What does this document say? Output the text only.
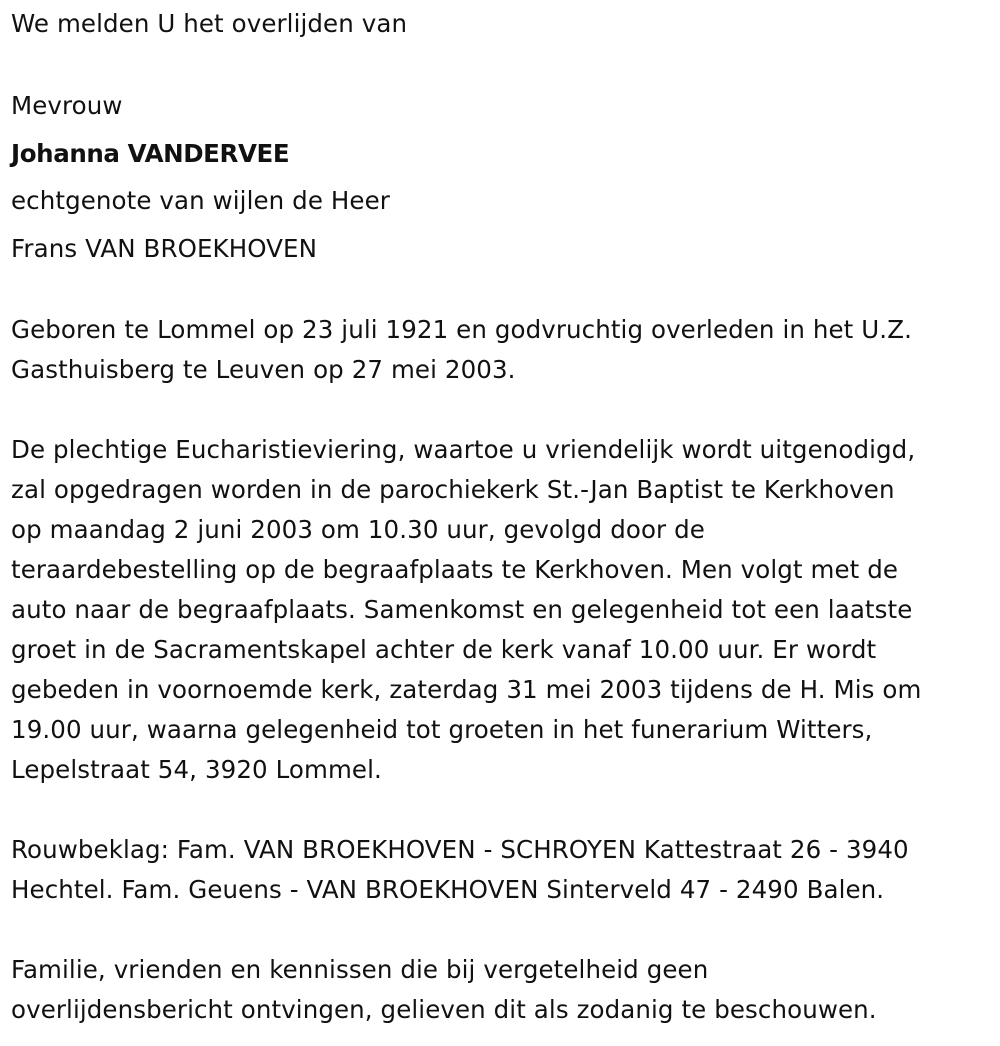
We melden U het overlijden van
Mevrouw
Johanna VANDERVEE
echtgenote van wijlen de Heer
Frans VAN BROEKHOVEN
Geboren te Lommel op 23 juli 1921 en godvruchtig overleden in het U.Z.
Gasthuisberg te Leuven op 27 mei 2003.
De plechtige Eucharistieviering, waartoe u vriendelijk wordt uitgenodigd,
zal opgedragen worden in de parochiekerk St.-Jan Baptist te Kerkhoven
op maandag 2 juni 2003 om 10.30 uur, gevolgd door de
teraardebestelling op de begraafplaats te Kerkhoven. Men volgt met de
auto naar de begraafplaats. Samenkomst en gelegenheid tot een laatste
groet in de Sacramentskapel achter de kerk vanaf 10.00 uur. Er wordt
gebeden in voornoemde kerk, zaterdag 31 mei 2003 tijdens de H. Mis om
19.00 uur, waarna gelegenheid tot groeten in het funerarium Witters,
Lepelstraat 54, 3920 Lommel.
Rouwbeklag: Fam. VAN BROEKHOVEN - SCHROYEN Kattestraat 26 - 3940
Hechtel. Fam. Geuens - VAN BROEKHOVEN Sinterveld 47 - 2490 Balen.
Familie, vrienden en kennissen die bij vergetelheid geen
overlijdensbericht ontvingen, gelieven dit als zodanig te beschouwen.
